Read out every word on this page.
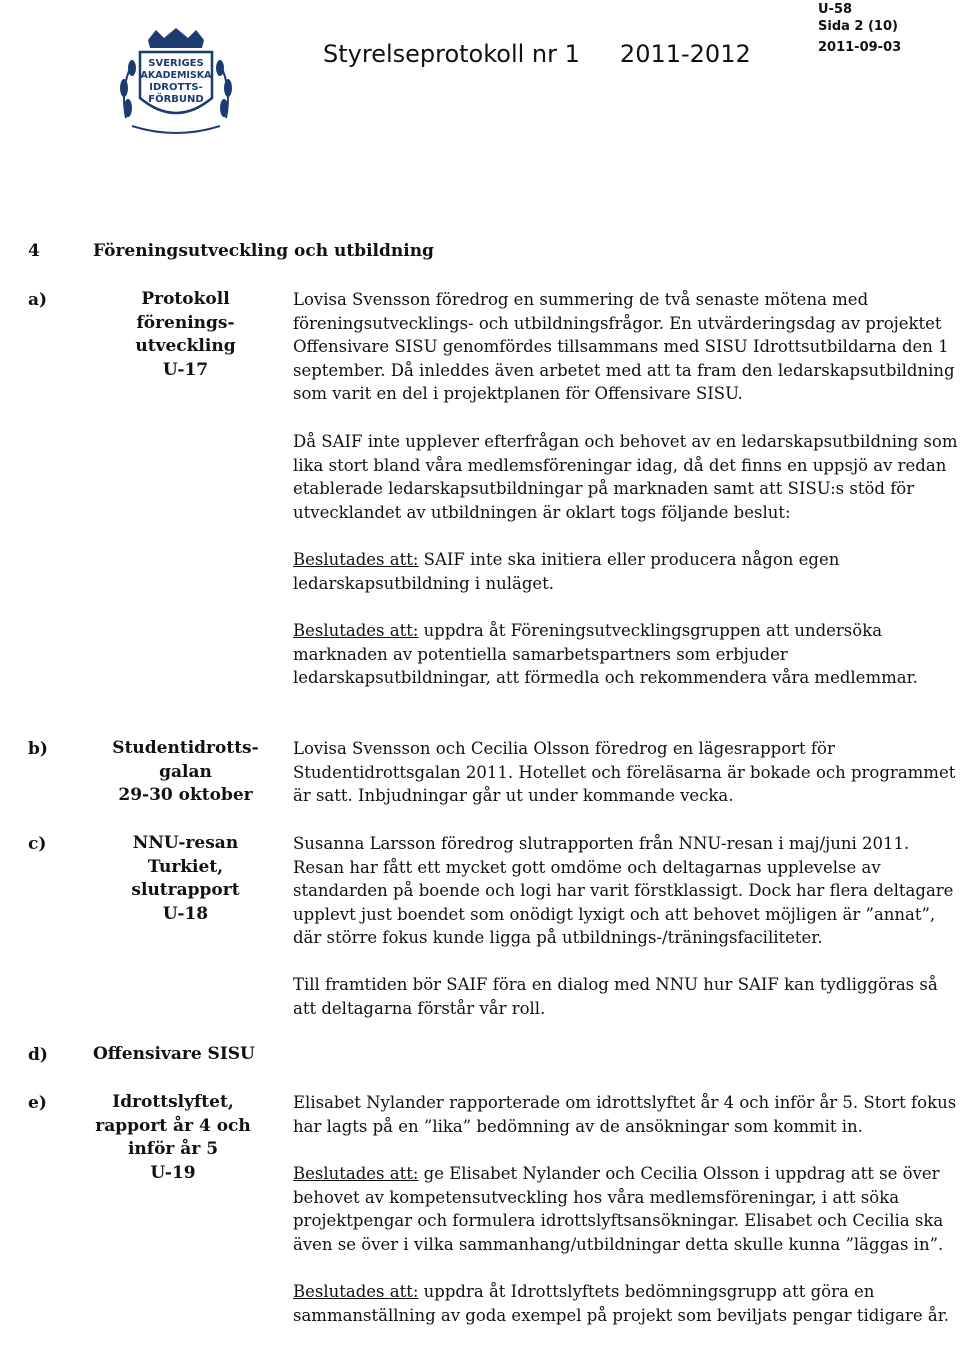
SVERIGES
AKADEMISKA
IDROTTS-
FÖRBUND
Styrelseprotokoll nr 1 2011-2012
U-58
Sida 2 (10)
2011-09-03
4	Föreningsutveckling och utbildning
a)	Protokoll
förenings-
utveckling
U-17
Lovisa Svensson föredrog en summering de två senaste mötena med föreningsutvecklings- och utbildningsfrågor. En utvärderingsdag av projektet Offensivare SISU genomfördes tillsammans med SISU Idrottsutbildarna den 1 september. Då inleddes även arbetet med att ta fram den ledarskapsutbildning som varit en del i projektplanen för Offensivare SISU.
Då SAIF inte upplever efterfrågan och behovet av en ledarskapsutbildning som lika stort bland våra medlemsföreningar idag, då det finns en uppsjö av redan etablerade ledarskapsutbildningar på marknaden samt att SISU:s stöd för utvecklandet av utbildningen är oklart togs följande beslut:
Beslutades att: SAIF inte ska initiera eller producera någon egen ledarskapsutbildning i nuläget.
Beslutades att: uppdra åt Föreningsutvecklingsgruppen att undersöka marknaden av potentiella samarbetspartners som erbjuder ledarskapsutbildningar, att förmedla och rekommendera våra medlemmar.
b)	Studentidrotts-
galan
29-30 oktober
Lovisa Svensson och Cecilia Olsson föredrog en lägesrapport för Studentidrottsgalan 2011. Hotellet och föreläsarna är bokade och programmet är satt. Inbjudningar går ut under kommande vecka.
c)	NNU-resan Turkiet,
slutrapport
U-18
Susanna Larsson föredrog slutrapporten från NNU-resan i maj/juni 2011. Resan har fått ett mycket gott omdöme och deltagarnas upplevelse av standarden på boende och logi har varit förstklassigt. Dock har flera deltagare upplevt just boendet som onödigt lyxigt och att behovet möjligen är ”annat”, där större fokus kunde ligga på utbildnings-/träningsfaciliteter.
Till framtiden bör SAIF föra en dialog med NNU hur SAIF kan tydliggöras så att deltagarna förstår vår roll.
d)	Offensivare SISU
e)	Idrottslyftet,
rapport år 4 och
inför år 5
U-19
Elisabet Nylander rapporterade om idrottslyftet år 4 och inför år 5. Stort fokus har lagts på en ”lika” bedömning av de ansökningar som kommit in.
Beslutades att: ge Elisabet Nylander och Cecilia Olsson i uppdrag att se över behovet av kompetensutveckling hos våra medlemsföreningar, i att söka projektpengar och formulera idrottslyftsansökningar. Elisabet och Cecilia ska även se över i vilka sammanhang/utbildningar detta skulle kunna ”läggas in”.
Beslutades att: uppdra åt Idrottslyftets bedömningsgrupp att göra en sammanställning av goda exempel på projekt som beviljats pengar tidigare år.
